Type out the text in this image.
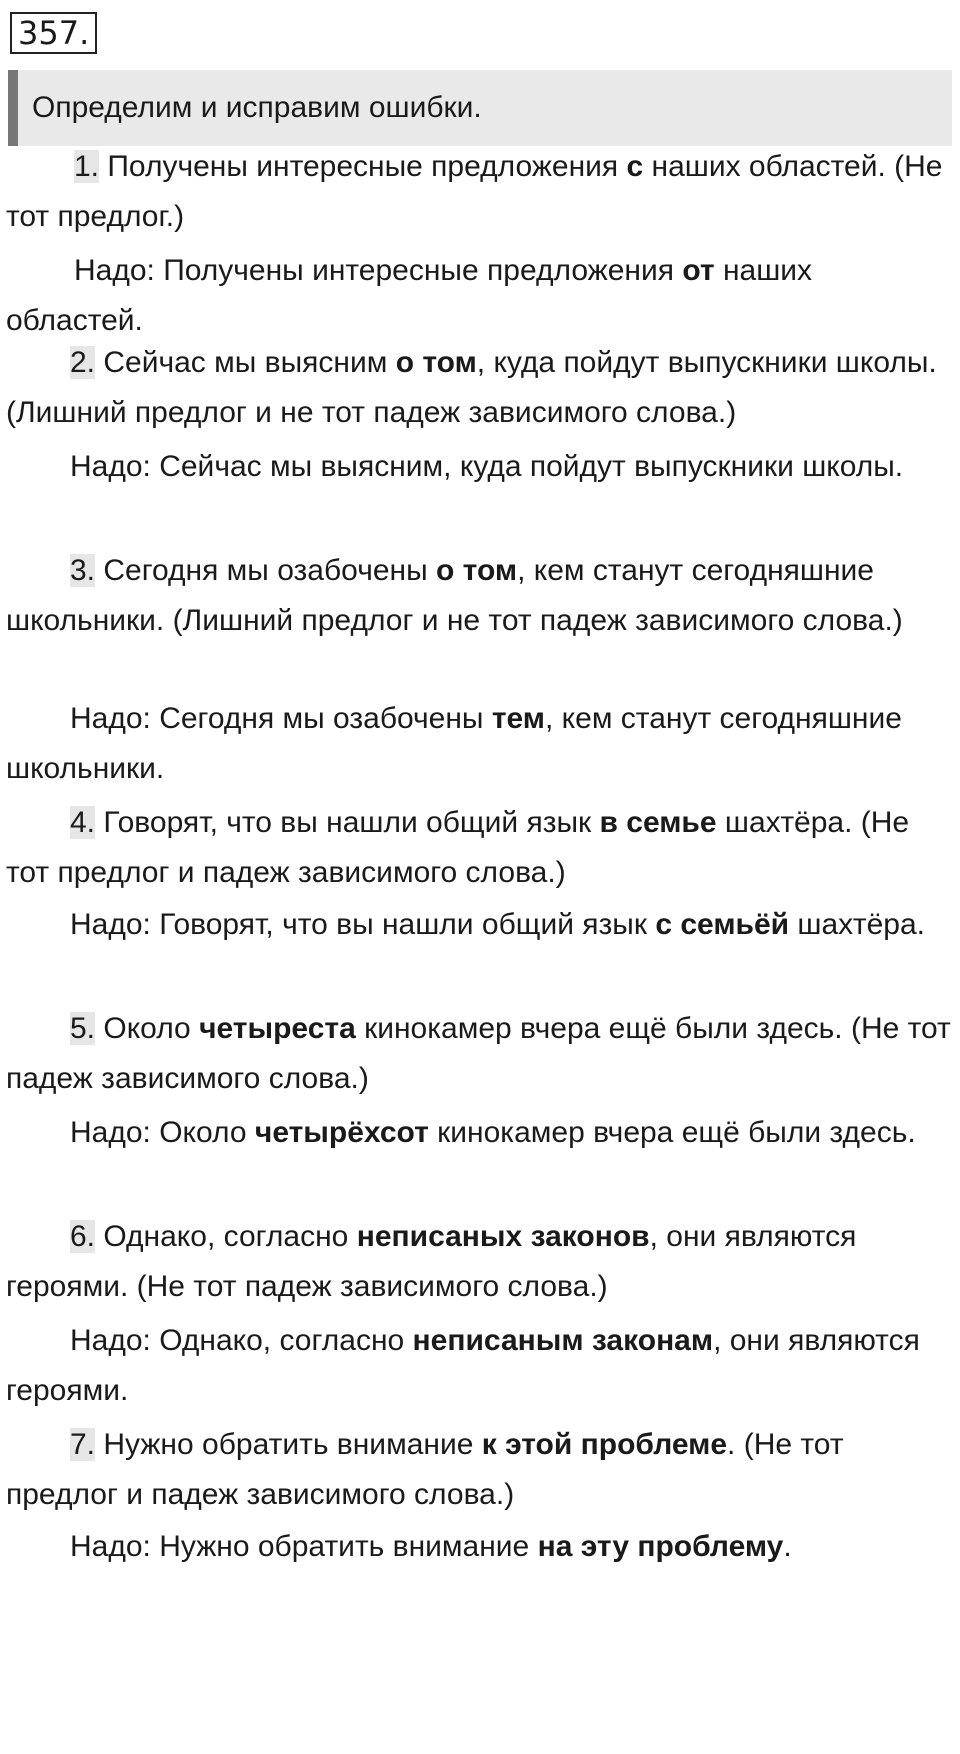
357.
Определим и исправим ошибки.

1. Получены интересные предложения с наших областей. (Не тот предлог.)

Надо: Получены интересные предложения от наших областей.

2. Сейчас мы выясним о том, куда пойдут выпускники школы. (Лишний предлог и не тот падеж зависимого слова.)

Надо: Сейчас мы выясним, куда пойдут выпускники школы.

3. Сегодня мы озабочены о том, кем станут сегодняшние школьники. (Лишний предлог и не тот падеж зависимого слова.)

Надо: Сегодня мы озабочены тем, кем станут сегодняшние школьники.

4. Говорят, что вы нашли общий язык в семье шахтёра. (Не тот предлог и падеж зависимого слова.)

Надо: Говорят, что вы нашли общий язык с семьёй шахтёра.

5. Около четыреста кинокамер вчера ещё были здесь. (Не тот падеж зависимого слова.)

Надо: Около четырёхсот кинокамер вчера ещё были здесь.

6. Однако, согласно неписаных законов, они являются героями. (Не тот падеж зависимого слова.)

Надо: Однако, согласно неписаным законам, они являются героями.

7. Нужно обратить внимание к этой проблеме. (Не тот предлог и падеж зависимого слова.)

Надо: Нужно обратить внимание на эту проблему.
